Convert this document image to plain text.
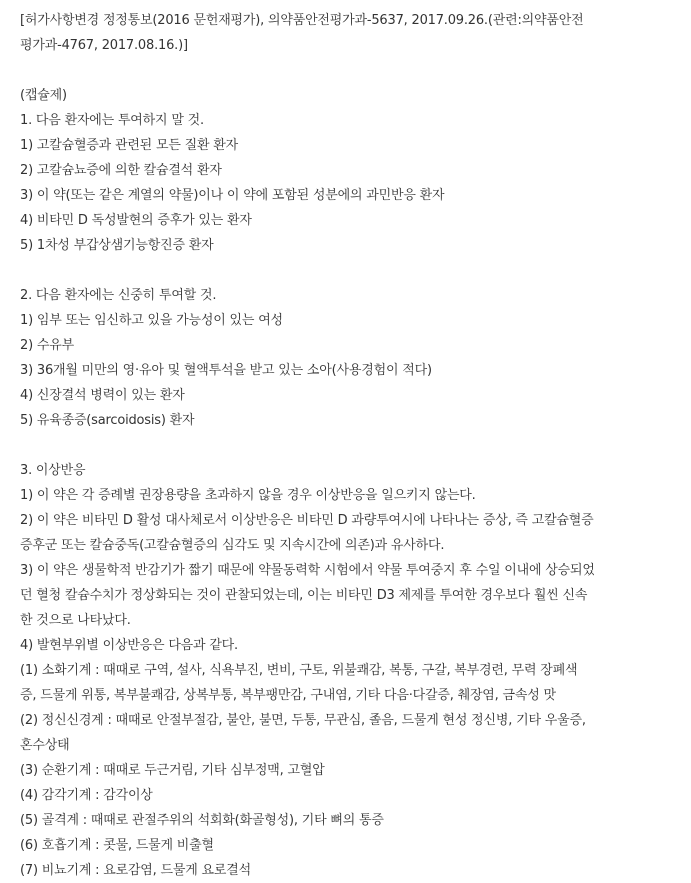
[허가사항변경 정정통보(2016 문헌재평가), 의약품안전평가과-5637, 2017.09.26.(관련:의약품안전
평가과-4767, 2017.08.16.)]
(캡슐제)
1. 다음 환자에는 투여하지 말 것.
1) 고칼슘혈증과 관련된 모든 질환 환자
2) 고칼슘뇨증에 의한 칼슘결석 환자
3) 이 약(또는 같은 계열의 약물)이나 이 약에 포함된 성분에의 과민반응 환자
4) 비타민 D 독성발현의 증후가 있는 환자
5) 1차성 부갑상샘기능항진증 환자
2. 다음 환자에는 신중히 투여할 것.
1) 임부 또는 임신하고 있을 가능성이 있는 여성
2) 수유부
3) 36개월 미만의 영·유아 및 혈액투석을 받고 있는 소아(사용경험이 적다)
4) 신장결석 병력이 있는 환자
5) 유육종증(sarcoidosis) 환자
3. 이상반응
1) 이 약은 각 증례별 권장용량을 초과하지 않을 경우 이상반응을 일으키지 않는다.
2) 이 약은 비타민 D 활성 대사체로서 이상반응은 비타민 D 과량투여시에 나타나는 증상, 즉 고칼슘혈증
증후군 또는 칼슘중독(고칼슘혈증의 심각도 및 지속시간에 의존)과 유사하다.
3) 이 약은 생물학적 반감기가 짧기 때문에 약물동력학 시험에서 약물 투여중지 후 수일 이내에 상승되었
던 혈청 칼슘수치가 정상화되는 것이 관찰되었는데, 이는 비타민 D3 제제를 투여한 경우보다 훨씬 신속
한 것으로 나타났다.
4) 발현부위별 이상반응은 다음과 같다.
(1) 소화기계 : 때때로 구역, 설사, 식욕부진, 변비, 구토, 위불쾌감, 복통, 구갈, 복부경련, 무력 장폐색
증, 드물게 위통, 복부불쾌감, 상복부통, 복부팽만감, 구내염, 기타 다음·다갈증, 췌장염, 금속성 맛
(2) 정신신경계 : 때때로 안절부절감, 불안, 불면, 두통, 무관심, 졸음, 드물게 현성 정신병, 기타 우울증,
혼수상태
(3) 순환기계 : 때때로 두근거림, 기타 심부정맥, 고혈압
(4) 감각기계 : 감각이상
(5) 골격계 : 때때로 관절주위의 석회화(화골형성), 기타 뼈의 통증
(6) 호흡기계 : 콧물, 드물게 비출혈
(7) 비뇨기계 : 요로감염, 드물게 요로결석
